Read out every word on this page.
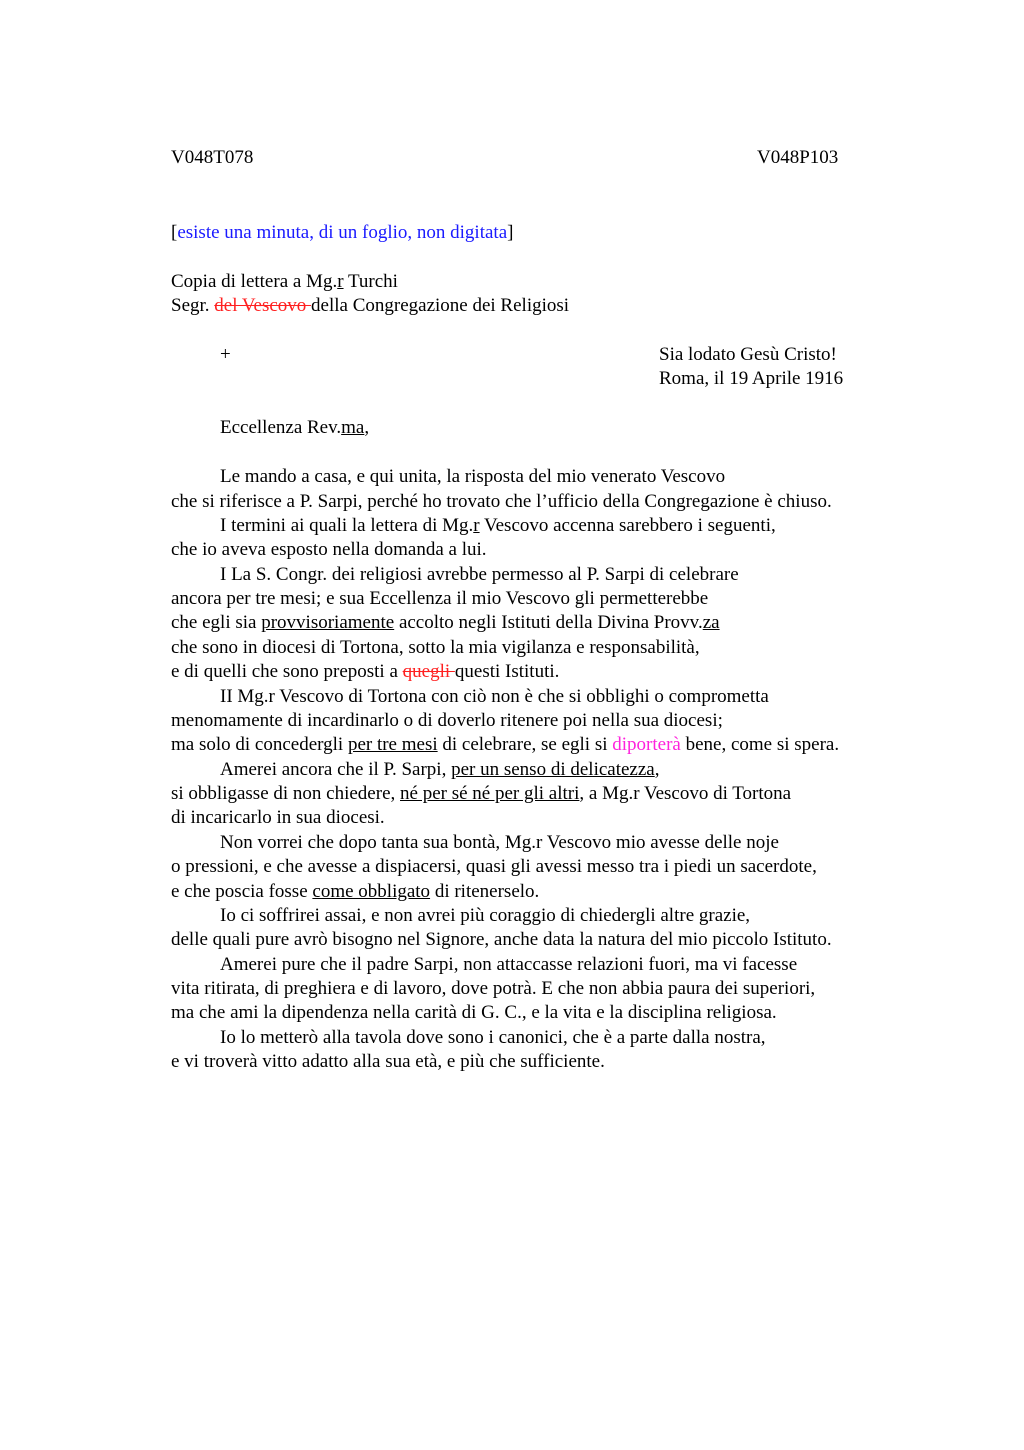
V048T078	V048P103
[esiste una minuta, di un foglio, non digitata]
Copia di lettera a Mg.r Turchi
Segr. del Vescovo della Congregazione dei Religiosi
+	Sia lodato Gesù Cristo!
Roma, il 19 Aprile 1916
Eccellenza Rev.ma,
Le mando a casa, e qui unita, la risposta del mio venerato Vescovo
che si riferisce a P. Sarpi, perché ho trovato che l’ufficio della Congregazione è chiuso.
I termini ai quali la lettera di Mg.r Vescovo accenna sarebbero i seguenti,
che io aveva esposto nella domanda a lui.
I La S. Congr. dei religiosi avrebbe permesso al P. Sarpi di celebrare
ancora per tre mesi; e sua Eccellenza il mio Vescovo gli permetterebbe
che egli sia provvisoriamente accolto negli Istituti della Divina Provv.za
che sono in diocesi di Tortona, sotto la mia vigilanza e responsabilità,
e di quelli che sono preposti a quegli questi Istituti.
II Mg.r Vescovo di Tortona con ciò non è che si obblighi o comprometta
menomamente di incardinarlo o di doverlo ritenere poi nella sua diocesi;
ma solo di concedergli per tre mesi di celebrare, se egli si diporterà bene, come si spera.
Amerei ancora che il P. Sarpi, per un senso di delicatezza,
si obbligasse di non chiedere, né per sé né per gli altri, a Mg.r Vescovo di Tortona
di incaricarlo in sua diocesi.
Non vorrei che dopo tanta sua bontà, Mg.r Vescovo mio avesse delle noje
o pressioni, e che avesse a dispiacersi, quasi gli avessi messo tra i piedi un sacerdote,
e che poscia fosse come obbligato di ritenerselo.
Io ci soffrirei assai, e non avrei più coraggio di chiedergli altre grazie,
delle quali pure avrò bisogno nel Signore, anche data la natura del mio piccolo Istituto.
Amerei pure che il padre Sarpi, non attaccasse relazioni fuori, ma vi facesse
vita ritirata, di preghiera e di lavoro, dove potrà. E che non abbia paura dei superiori,
ma che ami la dipendenza nella carità di G. C., e la vita e la disciplina religiosa.
Io lo metterò alla tavola dove sono i canonici, che è a parte dalla nostra,
e vi troverà vitto adatto alla sua età, e più che sufficiente.
